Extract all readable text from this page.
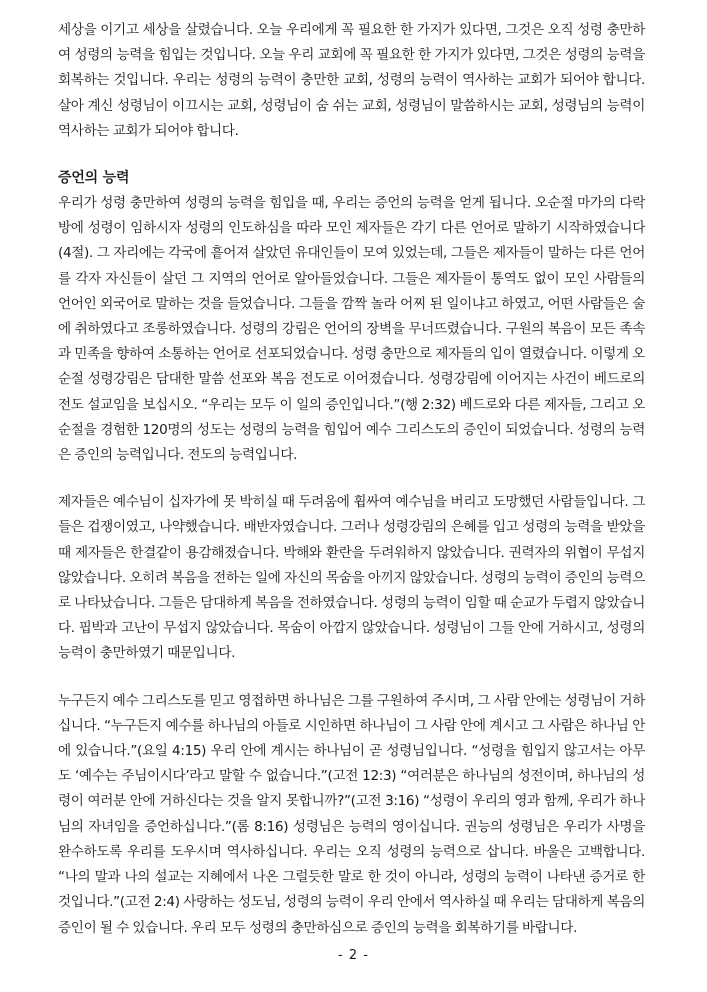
세상을 이기고 세상을 살렸습니다. 오늘 우리에게 꼭 필요한 한 가지가 있다면, 그것은 오직 성령 충만하여 성령의 능력을 힘입는 것입니다. 오늘 우리 교회에 꼭 필요한 한 가지가 있다면, 그것은 성령의 능력을 회복하는 것입니다. 우리는 성령의 능력이 충만한 교회, 성령의 능력이 역사하는 교회가 되어야 합니다. 살아 계신 성령님이 이끄시는 교회, 성령님이 숨 쉬는 교회, 성령님이 말씀하시는 교회, 성령님의 능력이 역사하는 교회가 되어야 합니다.

증언의 능력

우리가 성령 충만하여 성령의 능력을 힘입을 때, 우리는 증언의 능력을 얻게 됩니다. 오순절 마가의 다락방에 성령이 임하시자 성령의 인도하심을 따라 모인 제자들은 각기 다른 언어로 말하기 시작하였습니다(4절). 그 자리에는 각국에 흩어져 살았던 유대인들이 모여 있었는데, 그들은 제자들이 말하는 다른 언어를 각자 자신들이 살던 그 지역의 언어로 알아들었습니다. 그들은 제자들이 통역도 없이 모인 사람들의 언어인 외국어로 말하는 것을 들었습니다. 그들을 깜짝 놀라 어찌 된 일이냐고 하였고, 어떤 사람들은 술에 취하였다고 조롱하였습니다. 성령의 강림은 언어의 장벽을 무너뜨렸습니다. 구원의 복음이 모든 족속과 민족을 향하여 소통하는 언어로 선포되었습니다. 성령 충만으로 제자들의 입이 열렸습니다. 이렇게 오순절 성령강림은 담대한 말씀 선포와 복음 전도로 이어졌습니다. 성령강림에 이어지는 사건이 베드로의 전도 설교임을 보십시오. “우리는 모두 이 일의 증인입니다.”(행 2:32) 베드로와 다른 제자들, 그리고 오순절을 경험한 120명의 성도는 성령의 능력을 힘입어 예수 그리스도의 증인이 되었습니다. 성령의 능력은 증인의 능력입니다. 전도의 능력입니다.

제자들은 예수님이 십자가에 못 박히실 때 두려움에 휩싸여 예수님을 버리고 도망했던 사람들입니다. 그들은 겁쟁이였고, 나약했습니다. 배반자였습니다. 그러나 성령강림의 은혜를 입고 성령의 능력을 받았을 때 제자들은 한결같이 용감해졌습니다. 박해와 환란을 두려워하지 않았습니다. 권력자의 위협이 무섭지 않았습니다. 오히려 복음을 전하는 일에 자신의 목숨을 아끼지 않았습니다. 성령의 능력이 증인의 능력으로 나타났습니다. 그들은 담대하게 복음을 전하였습니다. 성령의 능력이 임할 때 순교가 두렵지 않았습니다. 핍박과 고난이 무섭지 않았습니다. 목숨이 아깝지 않았습니다. 성령님이 그들 안에 거하시고, 성령의 능력이 충만하였기 때문입니다.

누구든지 예수 그리스도를 믿고 영접하면 하나님은 그를 구원하여 주시며, 그 사람 안에는 성령님이 거하십니다. “누구든지 예수를 하나님의 아들로 시인하면 하나님이 그 사람 안에 계시고 그 사람은 하나님 안에 있습니다.”(요일 4:15) 우리 안에 계시는 하나님이 곧 성령님입니다. “성령을 힘입지 않고서는 아무도 ‘예수는 주님이시다’라고 말할 수 없습니다.”(고전 12:3) “여러분은 하나님의 성전이며, 하나님의 성령이 여러분 안에 거하신다는 것을 알지 못합니까?”(고전 3:16) “성령이 우리의 영과 함께, 우리가 하나님의 자녀임을 증언하십니다.”(롬 8:16) 성령님은 능력의 영이십니다. 권능의 성령님은 우리가 사명을 완수하도록 우리를 도우시며 역사하십니다. 우리는 오직 성령의 능력으로 삽니다. 바울은 고백합니다. “나의 말과 나의 설교는 지혜에서 나온 그럴듯한 말로 한 것이 아니라, 성령의 능력이 나타낸 증거로 한 것입니다.”(고전 2:4) 사랑하는 성도님, 성령의 능력이 우리 안에서 역사하실 때 우리는 담대하게 복음의 증인이 될 수 있습니다. 우리 모두 성령의 충만하심으로 증인의 능력을 회복하기를 바랍니다.

- 2 -
